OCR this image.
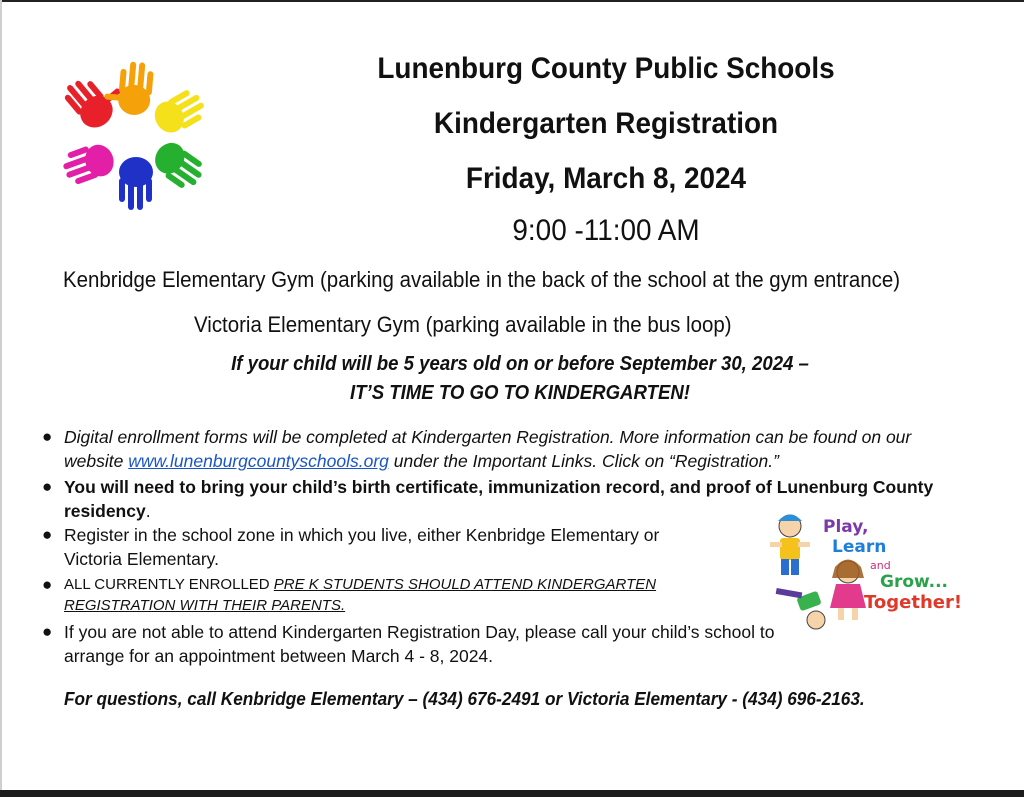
Lunenburg County Public Schools
Kindergarten Registration
Friday, March 8, 2024
9:00 -11:00 AM
Kenbridge Elementary Gym (parking available in the back of the school at the gym entrance)
Victoria Elementary Gym (parking available in the bus loop)
If your child will be 5 years old on or before September 30, 2024 –
IT’S TIME TO GO TO KINDERGARTEN!
● Digital enrollment forms will be completed at Kindergarten Registration. More information can be found on our website www.lunenburgcountyschools.org under the Important Links. Click on “Registration.”
● You will need to bring your child’s birth certificate, immunization record, and proof of Lunenburg County residency.
● Register in the school zone in which you live, either Kenbridge Elementary or Victoria Elementary.
● ALL CURRENTLY ENROLLED PRE K STUDENTS SHOULD ATTEND KINDERGARTEN REGISTRATION WITH THEIR PARENTS.
● If you are not able to attend Kindergarten Registration Day, please call your child’s school to arrange for an appointment between March 4 - 8, 2024.
Play,
Learn
and
Grow...
Together!
For questions, call Kenbridge Elementary – (434) 676-2491 or Victoria Elementary - (434) 696-2163.
